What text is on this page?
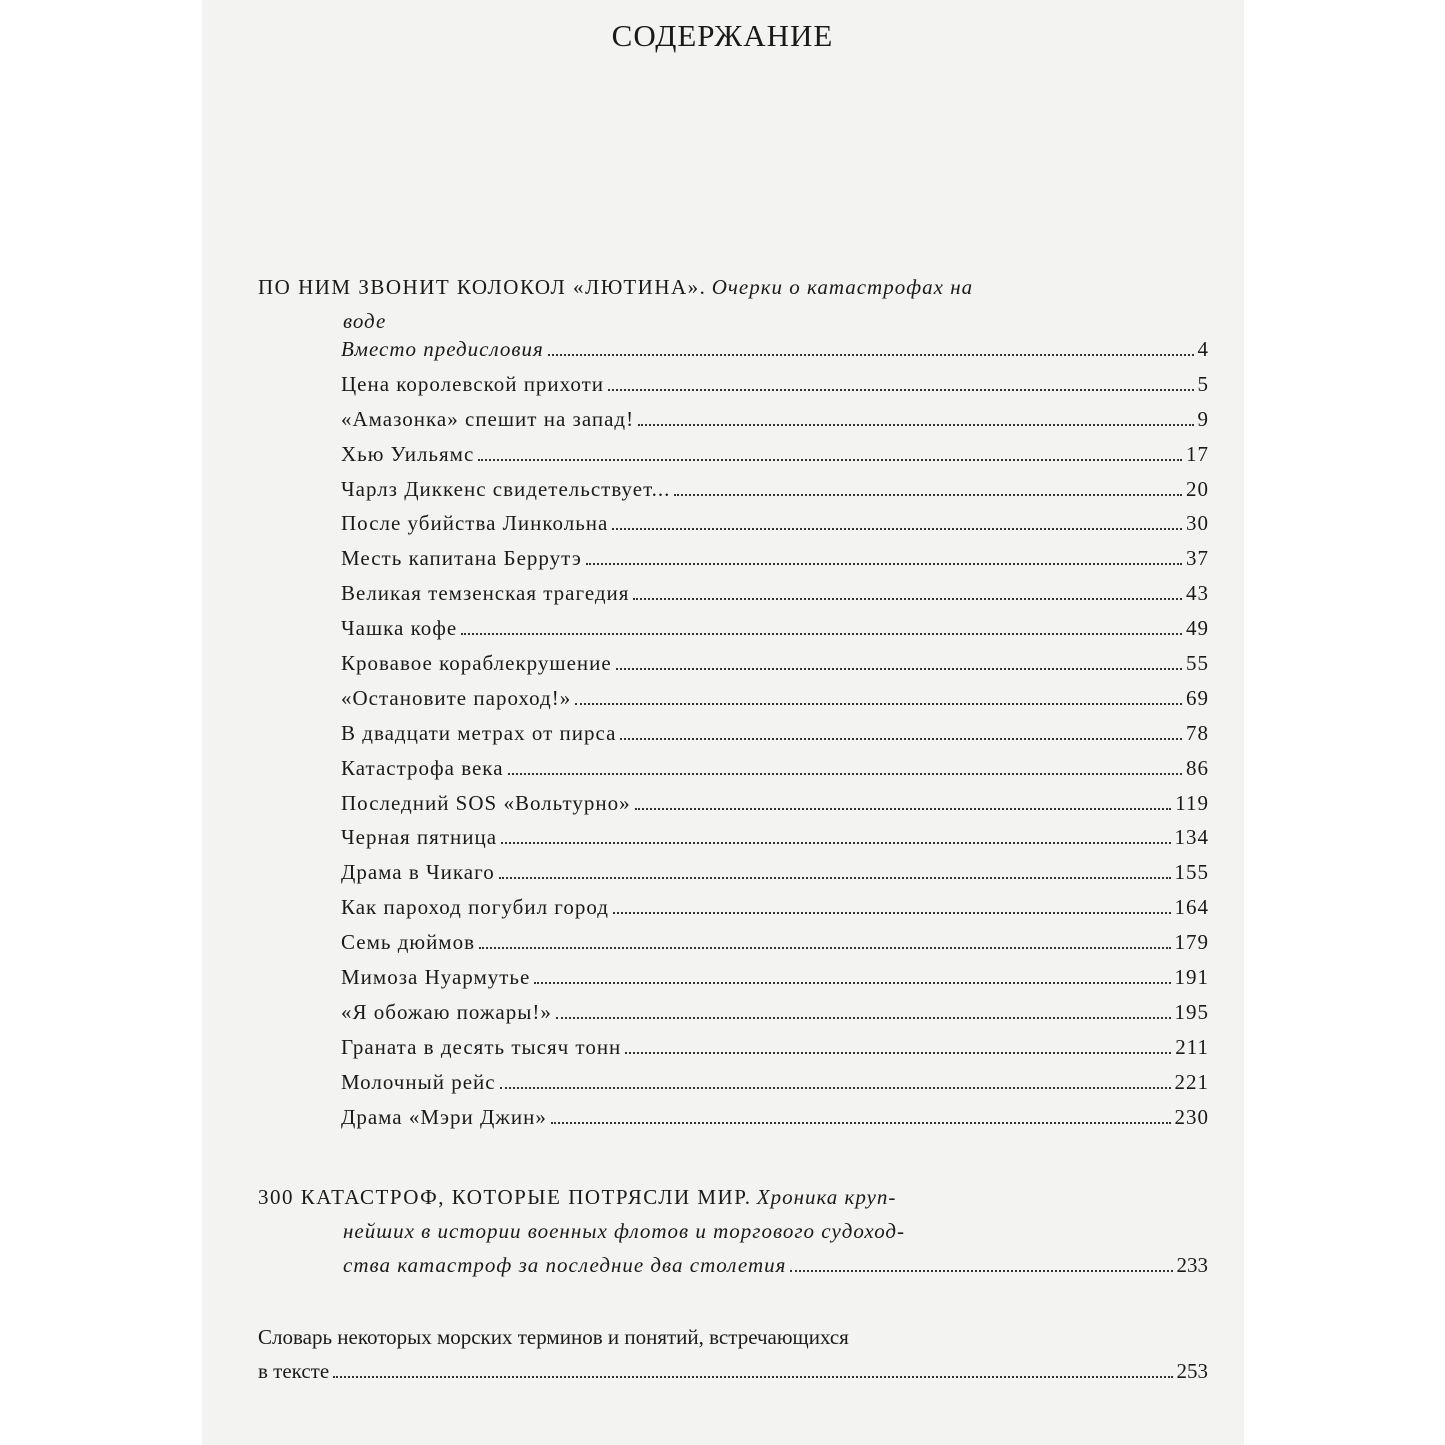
СОДЕРЖАНИЕ
ПО НИМ ЗВОНИТ КОЛОКОЛ «ЛЮТИНА». Очерки о катастрофах на
воде
Вместо предисловия	4
Цена королевской прихоти	5
«Амазонка» спешит на запад!	9
Хью Уильямс	17
Чарлз Диккенс свидетельствует...	20
После убийства Линкольна	30
Месть капитана Беррутэ	37
Великая темзенская трагедия	43
Чашка кофе	49
Кровавое кораблекрушение	55
«Остановите пароход!»	69
В двадцати метрах от пирса	78
Катастрофа века	86
Последний SOS «Вольтурно»	119
Черная пятница	134
Драма в Чикаго	155
Как пароход погубил город	164
Семь дюймов	179
Мимоза Нуармутье	191
«Я обожаю пожары!»	195
Граната в десять тысяч тонн	211
Молочный рейс	221
Драма «Мэри Джин»	230
300 КАТАСТРОФ, КОТОРЫЕ ПОТРЯСЛИ МИР. Хроника круп-
нейших в истории военных флотов и торгового судоход-
ства катастроф за последние два столетия	233
Словарь некоторых морских терминов и понятий, встречающихся
в тексте	253
